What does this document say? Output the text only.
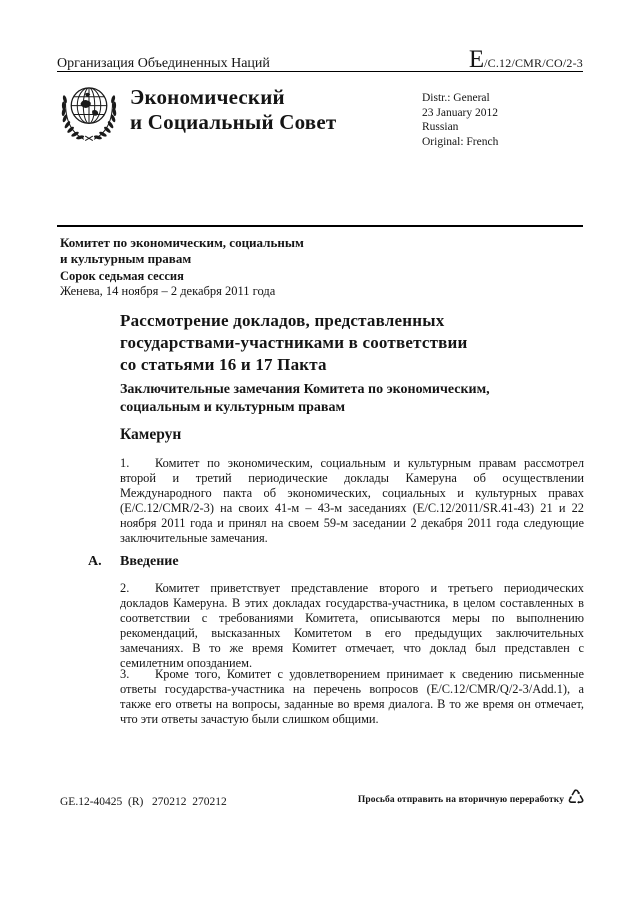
Организация Объединенных Наций	E/C.12/CMR/CO/2-3
Экономический
и Социальный Совет
Distr.: General
23 January 2012
Russian
Original: French
Комитет по экономическим, социальным
и культурным правам
Сорок седьмая сессия
Женева, 14 ноября – 2 декабря 2011 года
Рассмотрение докладов, представленных
государствами-участниками в соответствии
со статьями 16 и 17 Пакта
Заключительные замечания Комитета по экономическим,
социальным и культурным правам
Камерун

1. Комитет по экономическим, социальным и культурным правам рассмотрел второй и третий периодические доклады Камеруна об осуществлении Международного пакта об экономических, социальных и культурных правах (E/C.12/CMR/2-3) на своих 41-м – 43-м заседаниях (E/C.12/2011/SR.41-43) 21 и 22 ноября 2011 года и принял на своем 59-м заседании 2 декабря 2011 года следующие заключительные замечания.

A. Введение

2. Комитет приветствует представление второго и третьего периодических докладов Камеруна. В этих докладах государства-участника, в целом составленных в соответствии с требованиями Комитета, описываются меры по выполнению рекомендаций, высказанных Комитетом в его предыдущих заключительных замечаниях. В то же время Комитет отмечает, что доклад был представлен с семилетним опозданием.

3. Кроме того, Комитет с удовлетворением принимает к сведению письменные ответы государства-участника на перечень вопросов (E/C.12/CMR/Q/2-3/Add.1), а также его ответы на вопросы, заданные во время диалога. В то же время он отмечает, что эти ответы зачастую были слишком общими.

GE.12-40425  (R)   270212  270212	Просьба отправить на вторичную переработку ♺
